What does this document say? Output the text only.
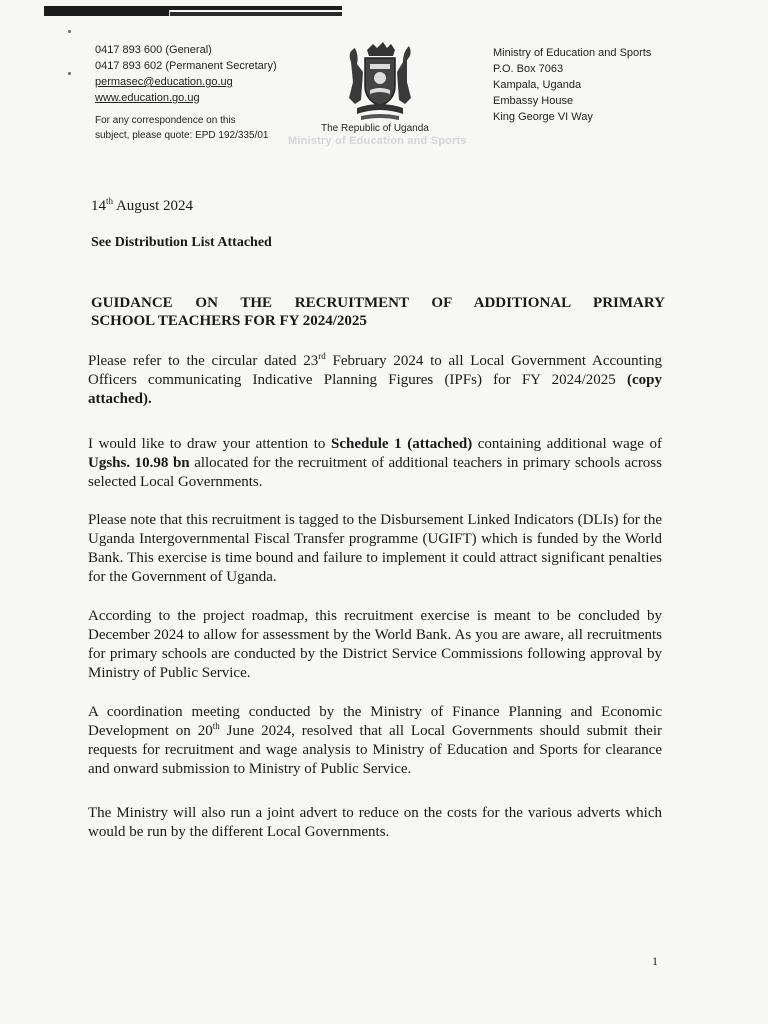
0417 893 600 (General)
0417 893 602 (Permanent Secretary)
permasec@education.go.ug
www.education.go.ug
For any correspondence on this
subject, please quote: EPD 192/335/01
The Republic of Uganda
Ministry of Education and Sports
Ministry of Education and Sports
P.O. Box 7063
Kampala, Uganda
Embassy House
King George VI Way
14th August 2024
See Distribution List Attached
GUIDANCE ON THE RECRUITMENT OF ADDITIONAL PRIMARY
SCHOOL TEACHERS FOR FY 2024/2025
Please refer to the circular dated 23rd February 2024 to all Local Government Accounting Officers communicating Indicative Planning Figures (IPFs) for FY 2024/2025 (copy attached).
I would like to draw your attention to Schedule 1 (attached) containing additional wage of Ugshs. 10.98 bn allocated for the recruitment of additional teachers in primary schools across selected Local Governments.
Please note that this recruitment is tagged to the Disbursement Linked Indicators (DLIs) for the Uganda Intergovernmental Fiscal Transfer programme (UGIFT) which is funded by the World Bank. This exercise is time bound and failure to implement it could attract significant penalties for the Government of Uganda.
According to the project roadmap, this recruitment exercise is meant to be concluded by December 2024 to allow for assessment by the World Bank. As you are aware, all recruitments for primary schools are conducted by the District Service Commissions following approval by Ministry of Public Service.
A coordination meeting conducted by the Ministry of Finance Planning and Economic Development on 20th June 2024, resolved that all Local Governments should submit their requests for recruitment and wage analysis to Ministry of Education and Sports for clearance and onward submission to Ministry of Public Service.
The Ministry will also run a joint advert to reduce on the costs for the various adverts which would be run by the different Local Governments.
1
